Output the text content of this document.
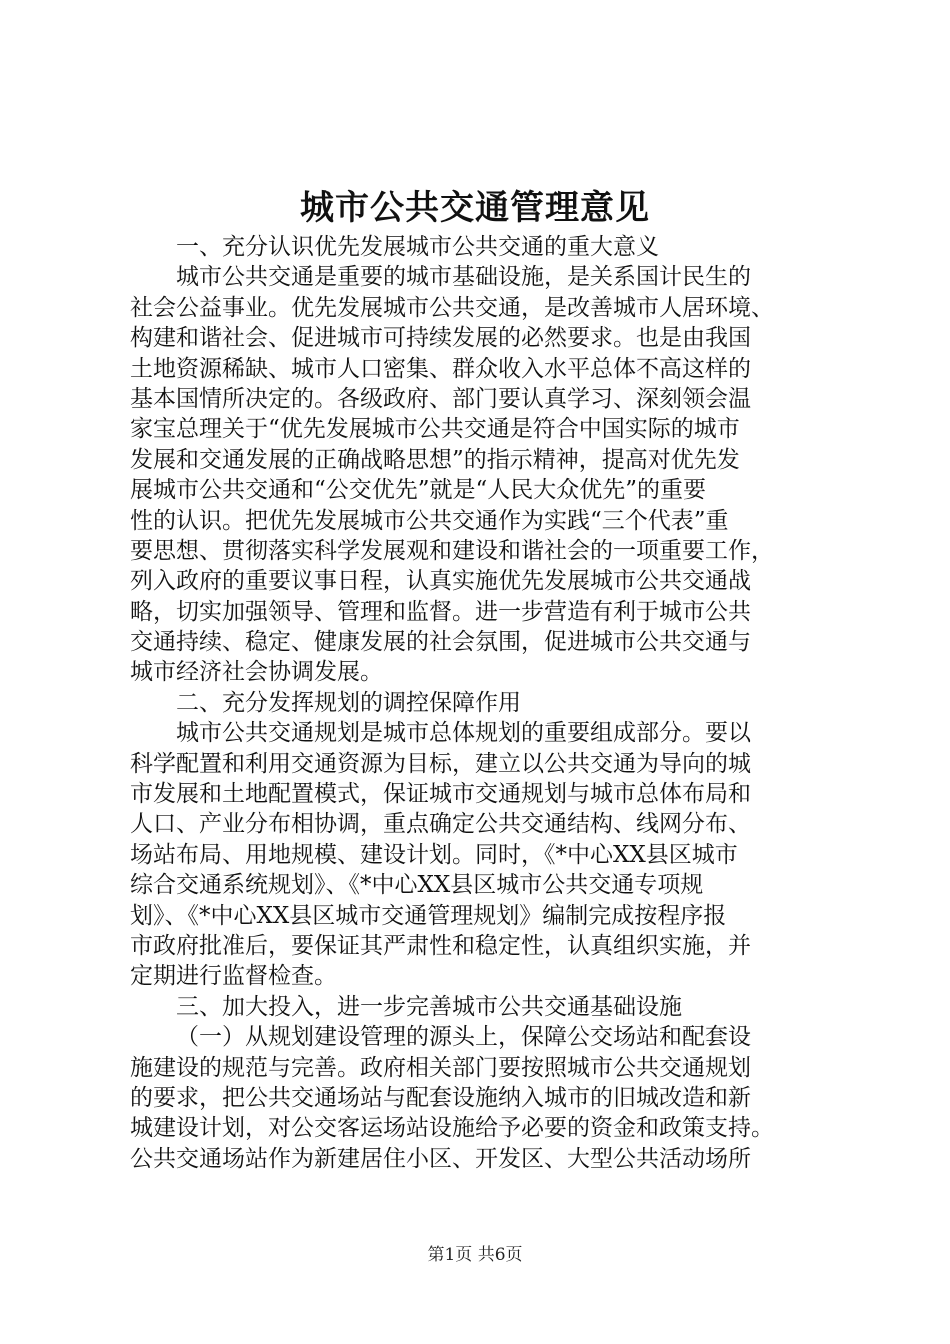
城市公共交通管理意见
一、充分认识优先发展城市公共交通的重大意义
城市公共交通是重要的城市基础设施，是关系国计民生的
社会公益事业。优先发展城市公共交通，是改善城市人居环境、
构建和谐社会、促进城市可持续发展的必然要求。也是由我国
土地资源稀缺、城市人口密集、群众收入水平总体不高这样的
基本国情所决定的。各级政府、部门要认真学习、深刻领会温
家宝总理关于“优先发展城市公共交通是符合中国实际的城市
发展和交通发展的正确战略思想”的指示精神，提高对优先发
展城市公共交通和“公交优先”就是“人民大众优先”的重要
性的认识。把优先发展城市公共交通作为实践“三个代表”重
要思想、贯彻落实科学发展观和建设和谐社会的一项重要工作，
列入政府的重要议事日程，认真实施优先发展城市公共交通战
略，切实加强领导、管理和监督。进一步营造有利于城市公共
交通持续、稳定、健康发展的社会氛围，促进城市公共交通与
城市经济社会协调发展。
二、充分发挥规划的调控保障作用
城市公共交通规划是城市总体规划的重要组成部分。要以
科学配置和利用交通资源为目标，建立以公共交通为导向的城
市发展和土地配置模式，保证城市交通规划与城市总体布局和
人口、产业分布相协调，重点确定公共交通结构、线网分布、
场站布局、用地规模、建设计划。同时，《*中心XX县区城市
综合交通系统规划》、《*中心XX县区城市公共交通专项规
划》、《*中心XX县区城市交通管理规划》编制完成按程序报
市政府批准后，要保证其严肃性和稳定性，认真组织实施，并
定期进行监督检查。
三、加大投入，进一步完善城市公共交通基础设施
（一）从规划建设管理的源头上，保障公交场站和配套设
施建设的规范与完善。政府相关部门要按照城市公共交通规划
的要求，把公共交通场站与配套设施纳入城市的旧城改造和新
城建设计划，对公交客运场站设施给予必要的资金和政策支持。
公共交通场站作为新建居住小区、开发区、大型公共活动场所
第1页 共6页
